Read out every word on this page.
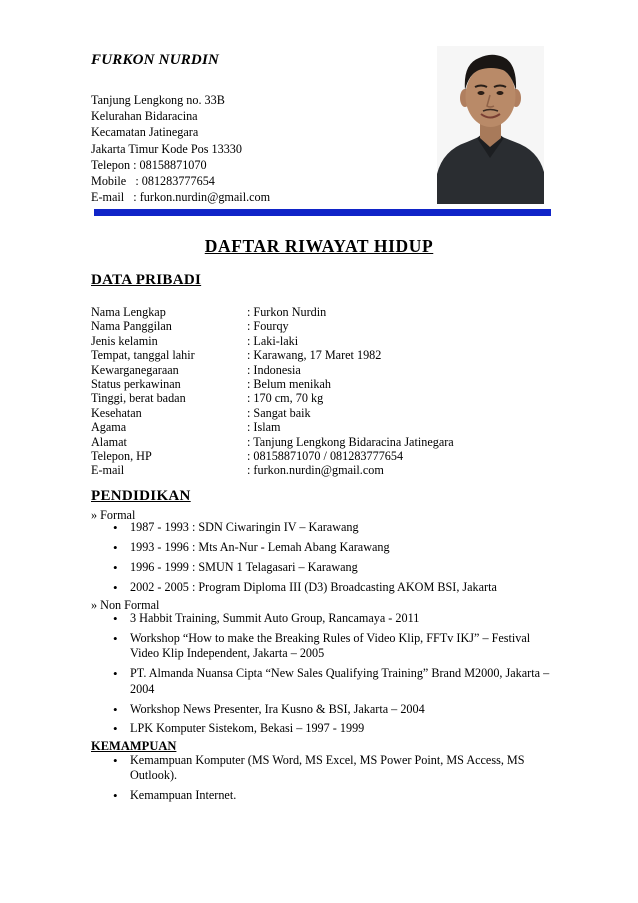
FURKON NURDIN
Tanjung Lengkong no. 33B
Kelurahan Bidaracina
Kecamatan Jatinegara
Jakarta Timur Kode Pos 13330
Telepon : 08158871070
Mobile   : 081283777654
E-mail   : furkon.nurdin@gmail.com
DAFTAR RIWAYAT HIDUP
DATA PRIBADI
Nama Lengkap	: Furkon Nurdin
Nama Panggilan	: Fourqy
Jenis kelamin	: Laki-laki
Tempat, tanggal lahir	: Karawang, 17 Maret 1982
Kewarganegaraan	: Indonesia
Status perkawinan	: Belum menikah
Tinggi, berat badan	: 170 cm, 70 kg
Kesehatan	: Sangat baik
Agama	: Islam
Alamat	: Tanjung Lengkong Bidaracina Jatinegara
Telepon, HP	: 08158871070 / 081283777654
E-mail	: furkon.nurdin@gmail.com
PENDIDIKAN
» Formal
• 1987 - 1993 : SDN Ciwaringin IV – Karawang
• 1993 - 1996 : Mts An-Nur - Lemah Abang Karawang
• 1996 - 1999 : SMUN 1 Telagasari – Karawang
• 2002 - 2005 : Program Diploma III (D3) Broadcasting AKOM BSI, Jakarta
» Non Formal
• 3 Habbit Training, Summit Auto Group, Rancamaya - 2011
• Workshop “How to make the Breaking Rules of Video Klip, FFTv IKJ” – Festival Video Klip Independent, Jakarta – 2005
• PT. Almanda Nuansa Cipta “New Sales Qualifying Training” Brand M2000, Jakarta – 2004
• Workshop News Presenter, Ira Kusno & BSI, Jakarta – 2004
• LPK Komputer Sistekom, Bekasi – 1997 - 1999
KEMAMPUAN
• Kemampuan Komputer (MS Word, MS Excel, MS Power Point, MS Access, MS Outlook).
• Kemampuan Internet.
